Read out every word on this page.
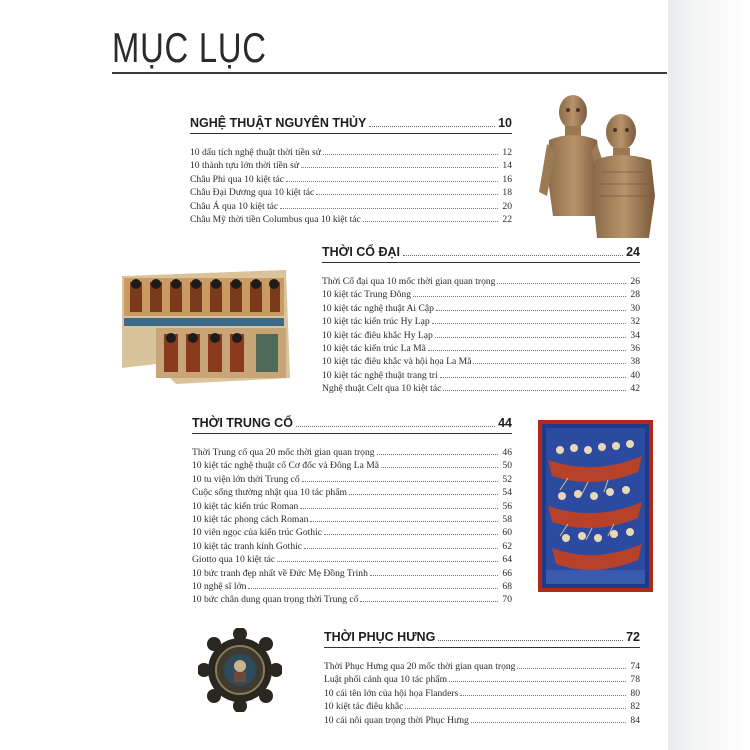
MỤC LỤC
NGHỆ THUẬT NGUYÊN THỦY	10
10 dấu tích nghệ thuật thời tiền sử	12
10 thành tựu lớn thời tiền sử	14
Châu Phi qua 10 kiệt tác	16
Châu Đại Dương qua 10 kiệt tác	18
Châu Á qua 10 kiệt tác	20
Châu Mỹ thời tiền Columbus qua 10 kiệt tác	22
THỜI CỔ ĐẠI	24
Thời Cổ đại qua 10 mốc thời gian quan trọng	26
10 kiệt tác Trung Đông	28
10 kiệt tác nghệ thuật Ai Cập	30
10 kiệt tác kiến trúc Hy Lạp	32
10 kiệt tác điêu khắc Hy Lạp	34
10 kiệt tác kiến trúc La Mã	36
10 kiệt tác điêu khắc và hội họa La Mã	38
10 kiệt tác nghệ thuật trang trí	40
Nghệ thuật Celt qua 10 kiệt tác	42
THỜI TRUNG CỔ	44
Thời Trung cổ qua 20 mốc thời gian quan trọng	46
10 kiệt tác nghệ thuật cổ Cơ đốc và Đông La Mã	50
10 tu viện lớn thời Trung cổ	52
Cuộc sống thường nhật qua 10 tác phẩm	54
10 kiệt tác kiến trúc Roman	56
10 kiệt tác phong cách Roman	58
10 viên ngọc của kiến trúc Gothic	60
10 kiệt tác tranh kính Gothic	62
Giotto qua 10 kiệt tác	64
10 bức tranh đẹp nhất về Đức Mẹ Đồng Trinh	66
10 nghệ sĩ lớn	68
10 bức chân dung quan trọng thời Trung cổ	70
THỜI PHỤC HƯNG	72
Thời Phục Hưng qua 20 mốc thời gian quan trọng	74
Luật phối cảnh qua 10 tác phẩm	78
10 cái tên lớn của hội họa Flanders	80
10 kiệt tác điêu khắc	82
10 cái nôi quan trọng thời Phục Hưng	84
